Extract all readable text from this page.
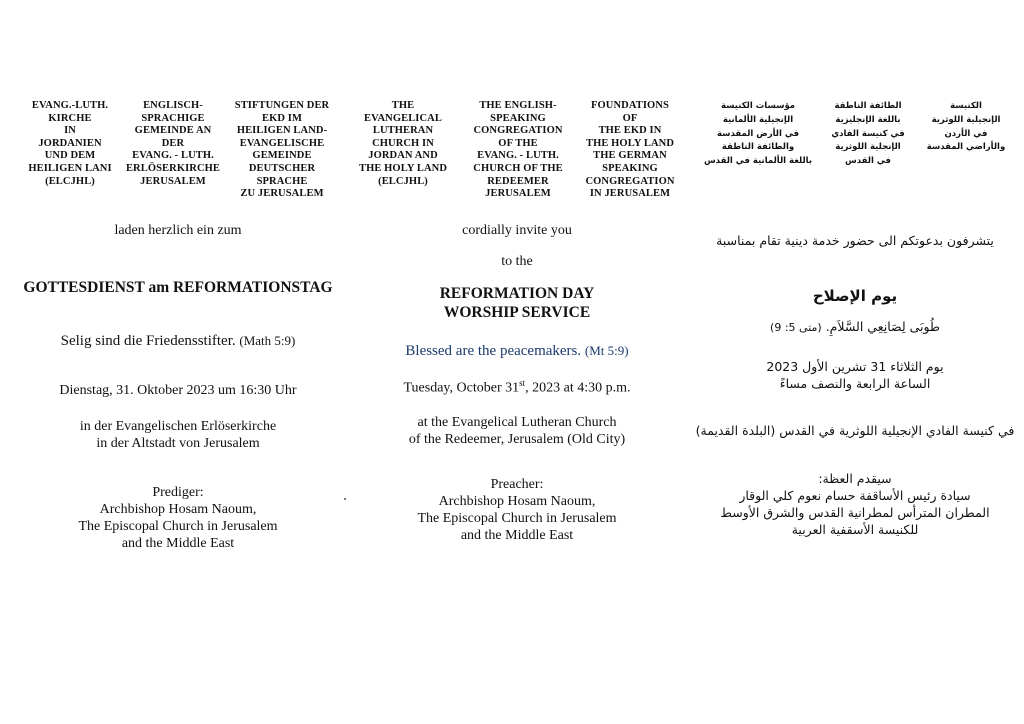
EVANG.-LUTH.
KIRCHE
IN
JORDANIEN
UND DEM
HEILIGEN LANI
(ELCJHL)
ENGLISCH-
SPRACHIGE
GEMEINDE AN
DER
EVANG. - LUTH.
ERLÖSERKIRCHE
JERUSALEM
STIFTUNGEN DER
EKD IM
HEILIGEN LAND-
EVANGELISCHE
GEMEINDE
DEUTSCHER
SPRACHE
ZU JERUSALEM
THE
EVANGELICAL
LUTHERAN
CHURCH IN
JORDAN AND
THE HOLY LAND
(ELCJHL)
THE ENGLISH-
SPEAKING
CONGREGATION
OF THE
EVANG. - LUTH.
CHURCH OF THE
REDEEMER
JERUSALEM
FOUNDATIONS
OF
THE EKD IN
THE HOLY LAND
THE GERMAN
SPEAKING
CONGREGATION
IN JERUSALEM
مؤسسات الكنيسة
الإنجيلية الألمانية
في الأرض المقدسة
والطائفة الناطقة
باللغة الألمانية في القدس
الطائفة الناطقة
باللغة الإنجليزية
في كنيسة الفادي
الإنجلية اللوثرية
في القدس
الكنيسة
الإنجيلية اللوثرية
في الأردن
والأراضي المقدسة
laden herzlich ein zum
GOTTESDIENST am REFORMATIONSTAG
Selig sind die Friedensstifter. (Math 5:9)
Dienstag, 31. Oktober 2023 um 16:30 Uhr
in der Evangelischen Erlöserkirche
in der Altstadt von Jerusalem
Prediger:
Archbishop Hosam Naoum,
The Episcopal Church in Jerusalem
and the Middle East
cordially invite you
to the
REFORMATION DAY
WORSHIP SERVICE
Blessed are the peacemakers. (Mt 5:9)
Tuesday, October 31st, 2023 at 4:30 p.m.
at the Evangelical Lutheran Church
of the Redeemer, Jerusalem (Old City)
Preacher:
Archbishop Hosam Naoum,
The Episcopal Church in Jerusalem
and the Middle East
يتشرفون بدعوتكم الى حضور خدمة دينية تقام بمناسبة
يوم الإصلاح
طُوبَى لِصَانِعِي السَّلاَمِ. (متى 5: 9)
يوم الثلاثاء 31 تشرين الأول 2023
الساعة الرابعة والنصف مساءً
في كنيسة الفادي الإنجيلية اللوثرية في القدس (البلدة القديمة)
سيقدم العظة:
سيادة رئيس الأساقفة حسام نعوم كلي الوقار
المطران المترأس لمطرانية القدس والشرق الأوسط
للكنيسة الأسقفية العربية
